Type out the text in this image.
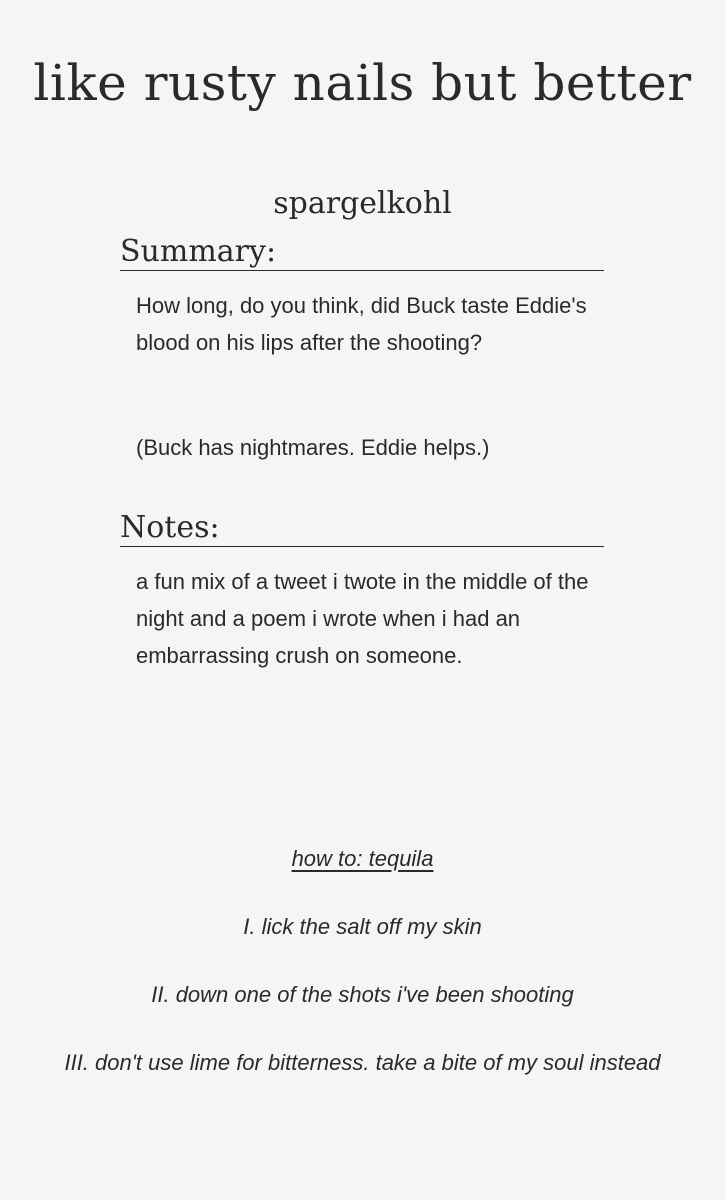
like rusty nails but better
spargelkohl
Summary:
How long, do you think, did Buck taste Eddie's blood on his lips after the shooting?
(Buck has nightmares. Eddie helps.)
Notes:
a fun mix of a tweet i twote in the middle of the night and a poem i wrote when i had an embarrassing crush on someone.
how to: tequila
I. lick the salt off my skin
II. down one of the shots i've been shooting
III. don't use lime for bitterness. take a bite of my soul instead
